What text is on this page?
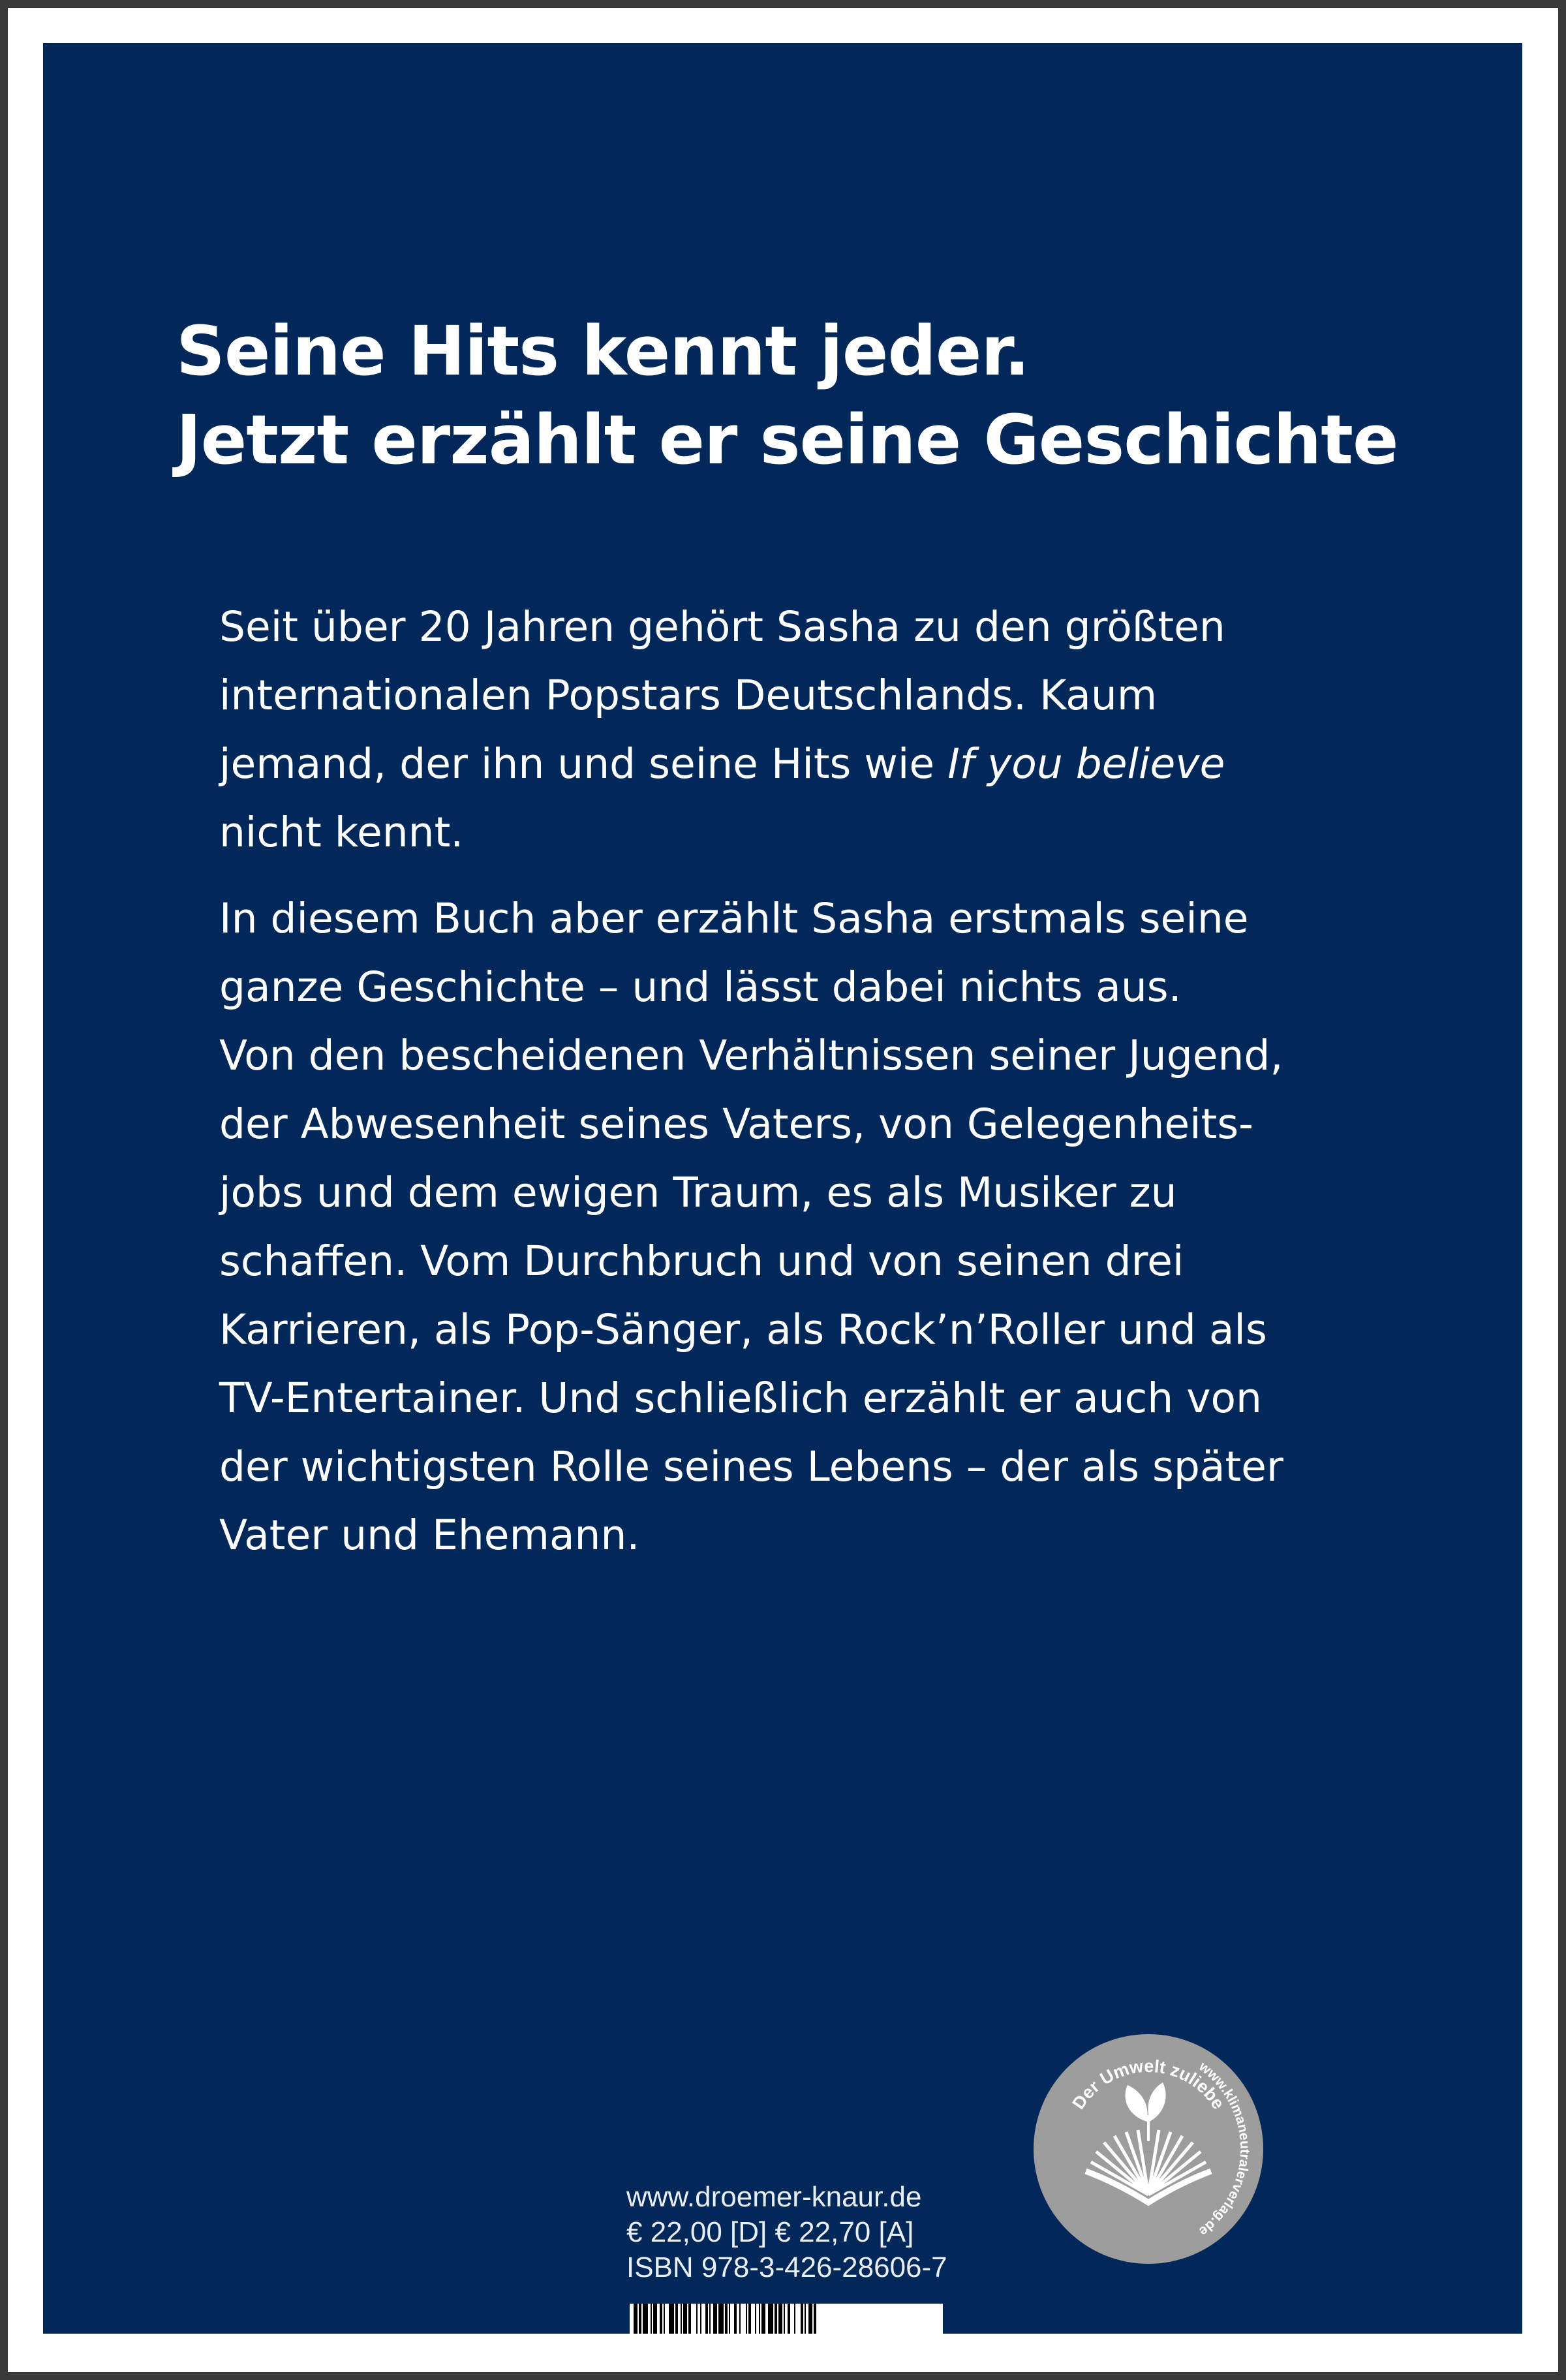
Seine Hits kennt jeder.
Jetzt erzählt er seine Geschichte
Seit über 20 Jahren gehört Sasha zu den größten
internationalen Popstars Deutschlands. Kaum
jemand, der ihn und seine Hits wie If you believe
nicht kennt.
In diesem Buch aber erzählt Sasha erstmals seine
ganze Geschichte – und lässt dabei nichts aus.
Von den bescheidenen Verhältnissen seiner Jugend,
der Abwesenheit seines Vaters, von Gelegenheits-
jobs und dem ewigen Traum, es als Musiker zu
schaffen. Vom Durchbruch und von seinen drei
Karrieren, als Pop-Sänger, als Rock’n’Roller und als
TV-Entertainer. Und schließlich erzählt er auch von
der wichtigsten Rolle seines Lebens – der als später
Vater und Ehemann.
www.droemer-knaur.de
€ 22,00 [D] € 22,70 [A]
ISBN 978-3-426-28606-7
Der Umwelt zuliebe
www.klimaneutralerverlag.de
